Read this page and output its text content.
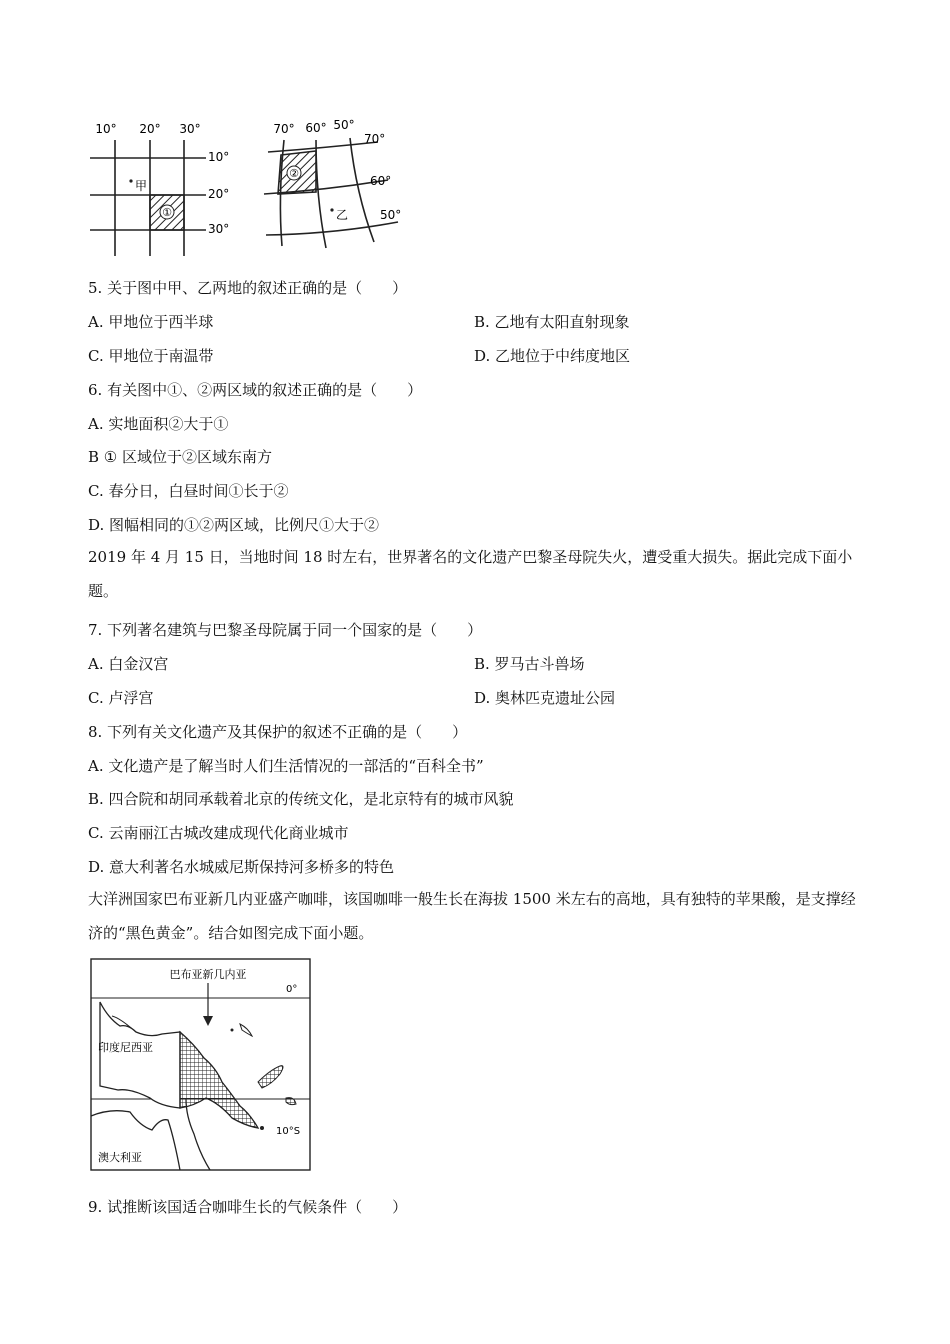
①
10° 20° 30°
10°
20°
30°
甲
②
70° 60° 50°
70°
60°
50°
乙
5. 关于图中甲、乙两地的叙述正确的是（　　）
A. 甲地位于西半球	B. 乙地有太阳直射现象
C. 甲地位于南温带	D. 乙地位于中纬度地区
6. 有关图中①、②两区域的叙述正确的是（　　）
A. 实地面积②大于①
B ① 区域位于②区域东南方
C. 春分日，白昼时间①长于②
D. 图幅相同的①②两区域，比例尺①大于②
2019 年 4 月 15 日，当地时间 18 时左右，世界著名的文化遗产巴黎圣母院失火，遭受重大损失。据此完成下面小题。
7. 下列著名建筑与巴黎圣母院属于同一个国家的是（　　）
A. 白金汉宫	B. 罗马古斗兽场
C. 卢浮宫	D. 奥林匹克遗址公园
8. 下列有关文化遗产及其保护的叙述不正确的是（　　）
A. 文化遗产是了解当时人们生活情况的一部活的“百科全书”
B. 四合院和胡同承载着北京的传统文化，是北京特有的城市风貌
C. 云南丽江古城改建成现代化商业城市
D. 意大利著名水城威尼斯保持河多桥多的特色
大洋洲国家巴布亚新几内亚盛产咖啡，该国咖啡一般生长在海拔 1500 米左右的高地，具有独特的苹果酸，是支撑经济的“黑色黄金”。结合如图完成下面小题。
巴布亚新几内亚
0°
印度尼西亚
10°S
澳大利亚
9. 试推断该国适合咖啡生长的气候条件（　　）
